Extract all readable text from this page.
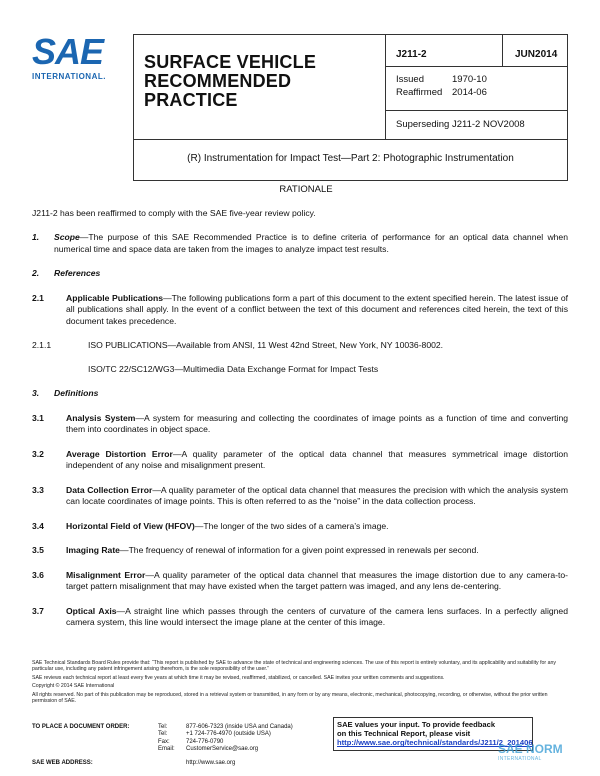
SAE
INTERNATIONAL.
SURFACE VEHICLE
RECOMMENDED PRACTICE
J211-2	JUN2014
Issued	1970-10
Reaffirmed	2014-06
Superseding J211-2 NOV2008
(R) Instrumentation for Impact Test—Part 2: Photographic Instrumentation
RATIONALE
J211-2 has been reaffirmed to comply with the SAE five-year review policy.
1.	Scope—The purpose of this SAE Recommended Practice is to define criteria of performance for an optical data channel when numerical time and space data are taken from the images to analyze impact test results.
2.	References
2.1	Applicable Publications—The following publications form a part of this document to the extent specified herein. The latest issue of all publications shall apply. In the event of a conflict between the text of this document and references cited herein, the text of this document takes precedence.
2.1.1	ISO PUBLICATIONS—Available from ANSI, 11 West 42nd Street, New York, NY 10036-8002.
ISO/TC 22/SC12/WG3—Multimedia Data Exchange Format for Impact Tests
3.	Definitions
3.1	Analysis System—A system for measuring and collecting the coordinates of image points as a function of time and converting them into coordinates in object space.
3.2	Average Distortion Error—A quality parameter of the optical data channel that measures symmetrical image distortion independent of any noise and misalignment present.
3.3	Data Collection Error—A quality parameter of the optical data channel that measures the precision with which the analysis system can locate coordinates of image points. This is often referred to as the “noise” in the data collection process.
3.4	Horizontal Field of View (HFOV)—The longer of the two sides of a camera’s image.
3.5	Imaging Rate—The frequency of renewal of information for a given point expressed in renewals per second.
3.6	Misalignment Error—A quality parameter of the optical data channel that measures the image distortion due to any camera-to-target pattern misalignment that may have existed when the target pattern was imaged, and any lens de-centering.
3.7	Optical Axis—A straight line which passes through the centers of curvature of the camera lens surfaces. In a perfectly aligned camera system, this line would intersect the image plane at the center of this image.

SAE Technical Standards Board Rules provide that: “This report is published by SAE to advance the state of technical and engineering sciences. The use of this report is entirely voluntary, and its applicability and suitability for any particular use, including any patent infringement arising therefrom, is the sole responsibility of the user.”

SAE reviews each technical report at least every five years at which time it may be revised, reaffirmed, stabilized, or cancelled. SAE invites your written comments and suggestions.

Copyright © 2014 SAE International

All rights reserved. No part of this publication may be reproduced, stored in a retrieval system or transmitted, in any form or by any means, electronic, mechanical, photocopying, recording, or otherwise, without the prior written permission of SAE.

TO PLACE A DOCUMENT ORDER:	Tel:	877-606-7323 (inside USA and Canada)
Tel:	+1 724-776-4970 (outside USA)
Fax:	724-776-0790
Email:	CustomerService@sae.org
SAE WEB ADDRESS:	http://www.sae.org
SAE values your input. To provide feedback
on this Technical Report, please visit
http://www.sae.org/technical/standards/J211/2_201406
SAE NORM
INTERNATIONAL
